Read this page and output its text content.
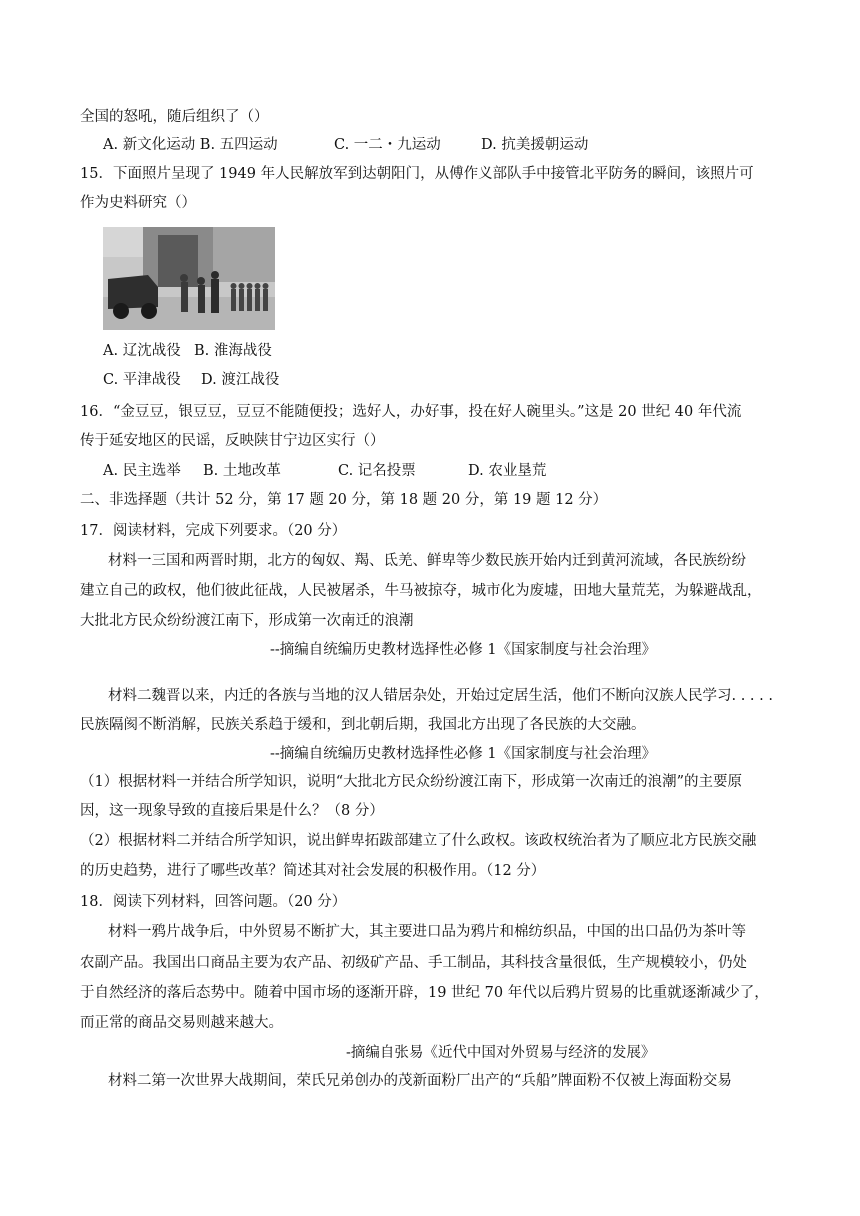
全国的怒吼，随后组织了（）
A. 新文化运动 B. 五四运动	C. 一二・九运动	D. 抗美援朝运动
15．下面照片呈现了 1949 年人民解放军到达朝阳门，从傅作义部队手中接管北平防务的瞬间，该照片可
作为史料研究（）
A. 辽沈战役 B. 淮海战役
C. 平津战役 D. 渡江战役
16．“金豆豆，银豆豆，豆豆不能随便投；选好人，办好事，投在好人碗里头。”这是 20 世纪 40 年代流
传于延安地区的民谣，反映陕甘宁边区实行（）
A. 民主选举 B. 土地改革	C. 记名投票	D. 农业垦荒
二、非选择题（共计 52 分，第 17 题 20 分，第 18 题 20 分，第 19 题 12 分）
17．阅读材料，完成下列要求。（20 分）
材料一三国和两晋时期，北方的匈奴、羯、氐羌、鲜卑等少数民族开始内迁到黄河流域，各民族纷纷
建立自己的政权，他们彼此征战，人民被屠杀，牛马被掠夺，城市化为废墟，田地大量荒芜，为躲避战乱，
大批北方民众纷纷渡江南下，形成第一次南迁的浪潮
--摘编自统编历史教材选择性必修 1《国家制度与社会治理》
材料二魏晋以来，内迁的各族与当地的汉人错居杂处，开始过定居生活，他们不断向汉族人民学习. . . . .
民族隔阂不断消解，民族关系趋于缓和，到北朝后期，我国北方出现了各民族的大交融。
--摘编自统编历史教材选择性必修 1《国家制度与社会治理》
（1）根据材料一并结合所学知识，说明“大批北方民众纷纷渡江南下，形成第一次南迁的浪潮”的主要原
因，这一现象导致的直接后果是什么？（8 分）
（2）根据材料二并结合所学知识，说出鲜卑拓跋部建立了什么政权。该政权统治者为了顺应北方民族交融
的历史趋势，进行了哪些改革？简述其对社会发展的积极作用。（12 分）
18．阅读下列材料，回答问题。（20 分）
材料一鸦片战争后，中外贸易不断扩大，其主要进口品为鸦片和棉纺织品，中国的出口品仍为茶叶等
农副产品。我国出口商品主要为农产品、初级矿产品、手工制品，其科技含量很低，生产规模较小，仍处
于自然经济的落后态势中。随着中国市场的逐渐开辟，19 世纪 70 年代以后鸦片贸易的比重就逐渐减少了，
而正常的商品交易则越来越大。
-摘编自张易《近代中国对外贸易与经济的发展》
材料二第一次世界大战期间，荣氏兄弟创办的茂新面粉厂出产的“兵船”牌面粉不仅被上海面粉交易
